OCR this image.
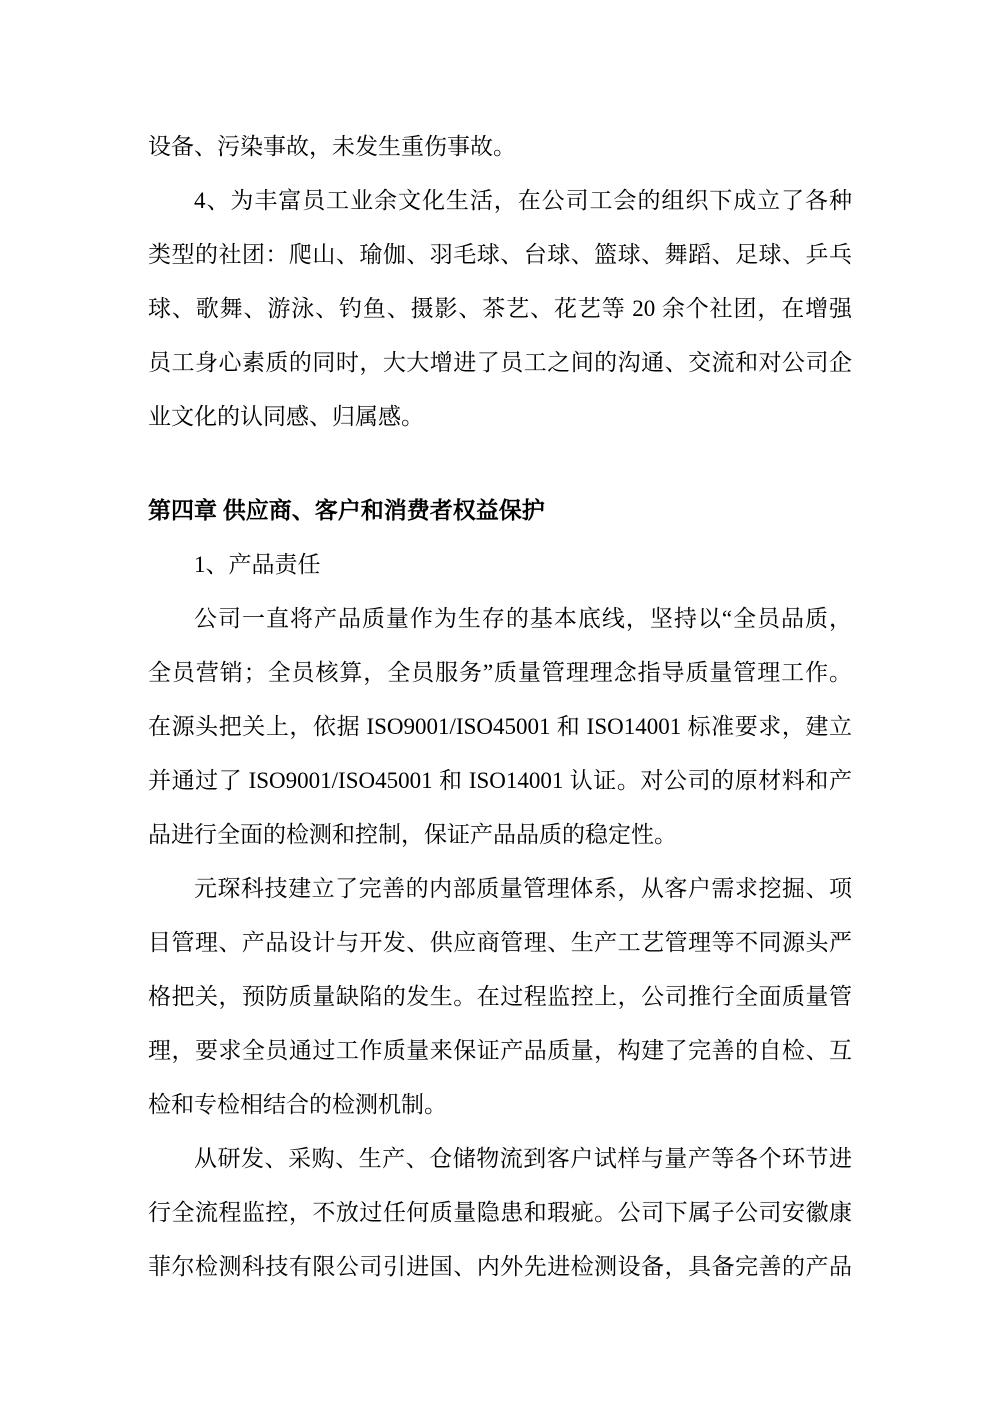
设备、污染事故，未发生重伤事故。
4、为丰富员工业余文化生活，在公司工会的组织下成立了各种
类型的社团：爬山、瑜伽、羽毛球、台球、篮球、舞蹈、足球、乒乓
球、歌舞、游泳、钓鱼、摄影、茶艺、花艺等 20 余个社团，在增强
员工身心素质的同时，大大增进了员工之间的沟通、交流和对公司企
业文化的认同感、归属感。
第四章 供应商、客户和消费者权益保护
1、产品责任
公司一直将产品质量作为生存的基本底线，坚持以“全员品质，
全员营销；全员核算，全员服务”质量管理理念指导质量管理工作。
在源头把关上，依据 ISO9001/ISO45001 和 ISO14001 标准要求，建立
并通过了 ISO9001/ISO45001 和 ISO14001 认证。对公司的原材料和产
品进行全面的检测和控制，保证产品品质的稳定性。
元琛科技建立了完善的内部质量管理体系，从客户需求挖掘、项
目管理、产品设计与开发、供应商管理、生产工艺管理等不同源头严
格把关，预防质量缺陷的发生。在过程监控上，公司推行全面质量管
理，要求全员通过工作质量来保证产品质量，构建了完善的自检、互
检和专检相结合的检测机制。
从研发、采购、生产、仓储物流到客户试样与量产等各个环节进
行全流程监控，不放过任何质量隐患和瑕疵。公司下属子公司安徽康
菲尔检测科技有限公司引进国、内外先进检测设备，具备完善的产品
